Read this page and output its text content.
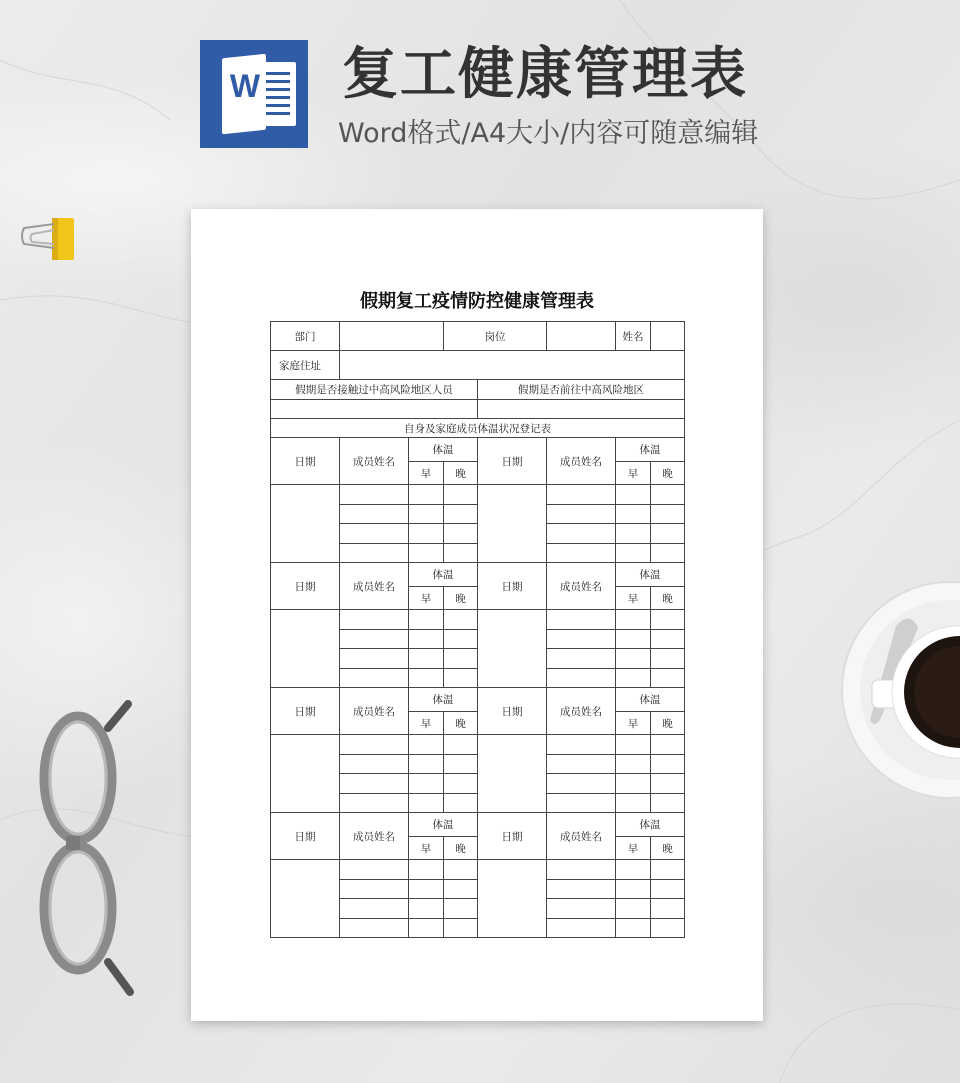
W 复工健康管理表
Word格式/A4大小/内容可随意编辑
假期复工疫情防控健康管理表
部门			岗位			姓名	
家庭住址							
假期是否接触过中高风险地区人员				假期是否前往中高风险地区			

自身及家庭成员体温状况登记表							
日期	成员姓名	体温		日期	成员姓名	体温	
		早	晚			早	晚

日期	成员姓名	体温		日期	成员姓名	体温	
		早	晚			早	晚

日期	成员姓名	体温		日期	成员姓名	体温	
		早	晚			早	晚

日期	成员姓名	体温		日期	成员姓名	体温	
		早	晚			早	晚
